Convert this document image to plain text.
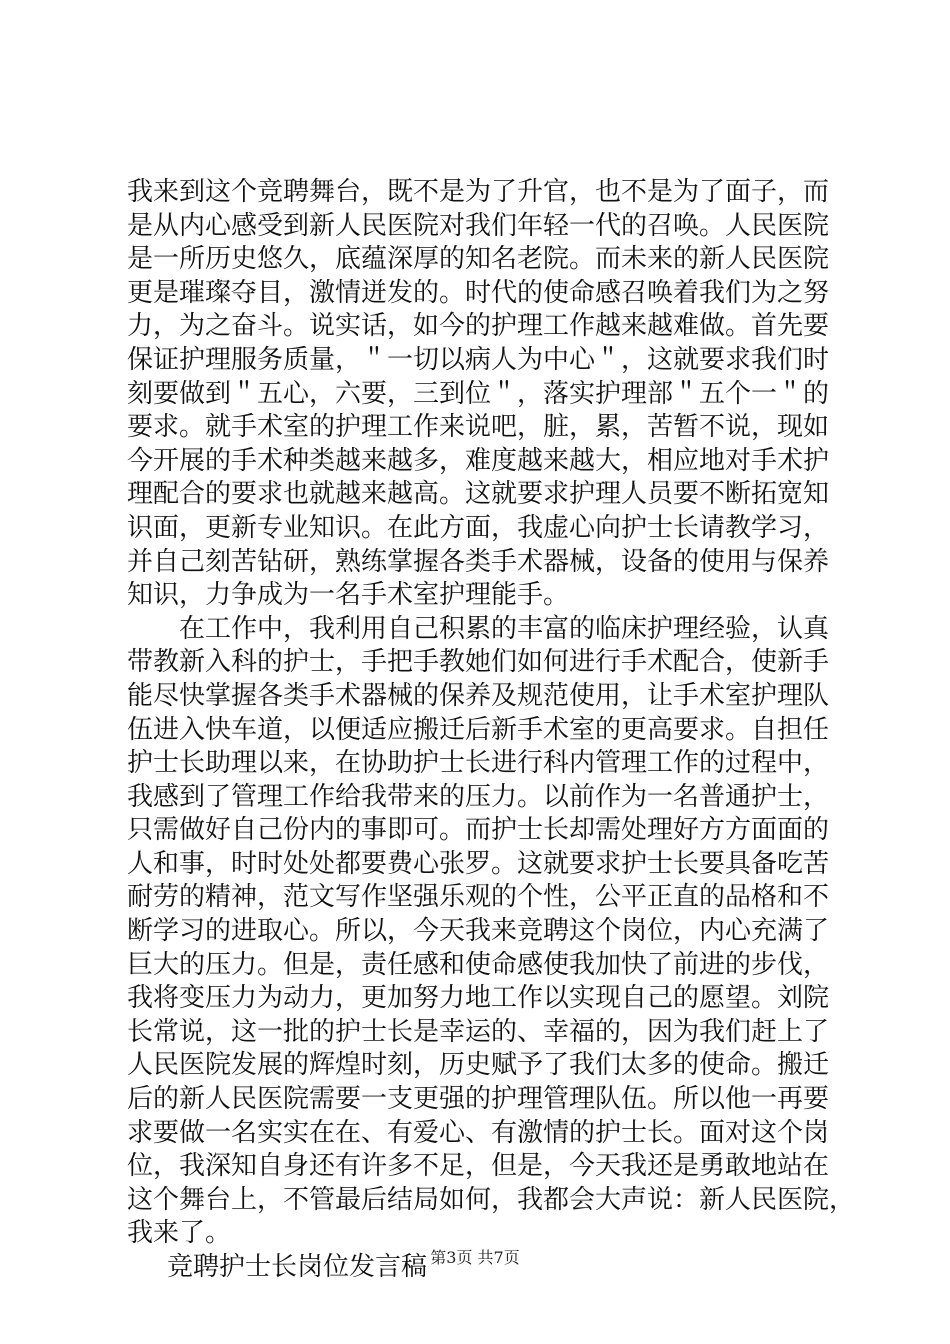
我来到这个竞聘舞台，既不是为了升官，也不是为了面子，而
是从内心感受到新人民医院对我们年轻一代的召唤。人民医院
是一所历史悠久，底蕴深厚的知名老院。而未来的新人民医院
更是璀璨夺目，激情迸发的。时代的使命感召唤着我们为之努
力，为之奋斗。说实话，如今的护理工作越来越难做。首先要
保证护理服务质量，＂一切以病人为中心＂，这就要求我们时
刻要做到＂五心，六要，三到位＂，落实护理部＂五个一＂的
要求。就手术室的护理工作来说吧，脏，累，苦暂不说，现如
今开展的手术种类越来越多，难度越来越大，相应地对手术护
理配合的要求也就越来越高。这就要求护理人员要不断拓宽知
识面，更新专业知识。在此方面，我虚心向护士长请教学习，
并自己刻苦钻研，熟练掌握各类手术器械，设备的使用与保养
知识，力争成为一名手术室护理能手。
在工作中，我利用自己积累的丰富的临床护理经验，认真
带教新入科的护士，手把手教她们如何进行手术配合，使新手
能尽快掌握各类手术器械的保养及规范使用，让手术室护理队
伍进入快车道，以便适应搬迁后新手术室的更高要求。自担任
护士长助理以来，在协助护士长进行科内管理工作的过程中，
我感到了管理工作给我带来的压力。以前作为一名普通护士，
只需做好自己份内的事即可。而护士长却需处理好方方面面的
人和事，时时处处都要费心张罗。这就要求护士长要具备吃苦
耐劳的精神，范文写作坚强乐观的个性，公平正直的品格和不
断学习的进取心。所以，今天我来竞聘这个岗位，内心充满了
巨大的压力。但是，责任感和使命感使我加快了前进的步伐，
我将变压力为动力，更加努力地工作以实现自己的愿望。刘院
长常说，这一批的护士长是幸运的、幸福的，因为我们赶上了
人民医院发展的辉煌时刻，历史赋予了我们太多的使命。搬迁
后的新人民医院需要一支更强的护理管理队伍。所以他一再要
求要做一名实实在在、有爱心、有激情的护士长。面对这个岗
位，我深知自身还有许多不足，但是，今天我还是勇敢地站在
这个舞台上，不管最后结局如何，我都会大声说：新人民医院，
我来了。
竞聘护士长岗位发言稿 第3页 共7页
